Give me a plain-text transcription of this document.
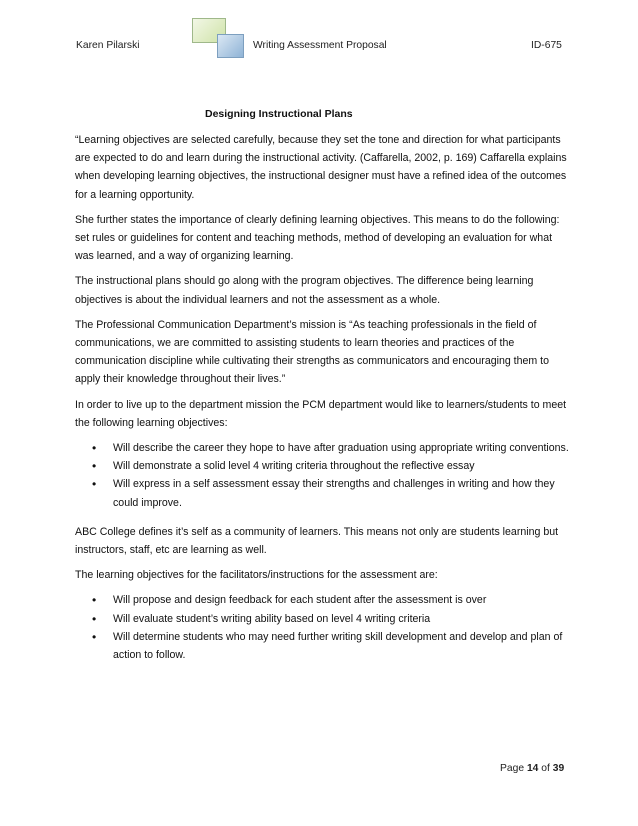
Karen Pilarski	Writing Assessment Proposal	ID-675
Designing Instructional Plans

“Learning objectives are selected carefully, because they set the tone and direction for what participants are expected to do and learn during the instructional activity. (Caffarella, 2002, p. 169) Caffarella explains when developing learning objectives, the instructional designer must have a refined idea of the outcomes for a learning opportunity.

She further states the importance of clearly defining learning objectives. This means to do the following: set rules or guidelines for content and teaching methods, method of developing an evaluation for what was learned, and a way of organizing learning.

The instructional plans should go along with the program objectives. The difference being learning objectives is about the individual learners and not the assessment as a whole.

The Professional Communication Department’s mission is “As teaching professionals in the field of communications, we are committed to assisting students to learn theories and practices of the communication discipline while cultivating their strengths as communicators and encouraging them to apply their knowledge throughout their lives.”

In order to live up to the department mission the PCM department would like to learners/students to meet the following learning objectives:

• Will describe the career they hope to have after graduation using appropriate writing conventions.
• Will demonstrate a solid level 4 writing criteria throughout the reflective essay
• Will express in a self assessment essay their strengths and challenges in writing and how they could improve.

ABC College defines it’s self as a community of learners. This means not only are students learning but instructors, staff, etc are learning as well.

The learning objectives for the facilitators/instructions for the assessment are:

• Will propose and design feedback for each student after the assessment is over
• Will evaluate student’s writing ability based on level 4 writing criteria
• Will determine students who may need further writing skill development and develop and plan of action to follow.
Page 14 of 39
